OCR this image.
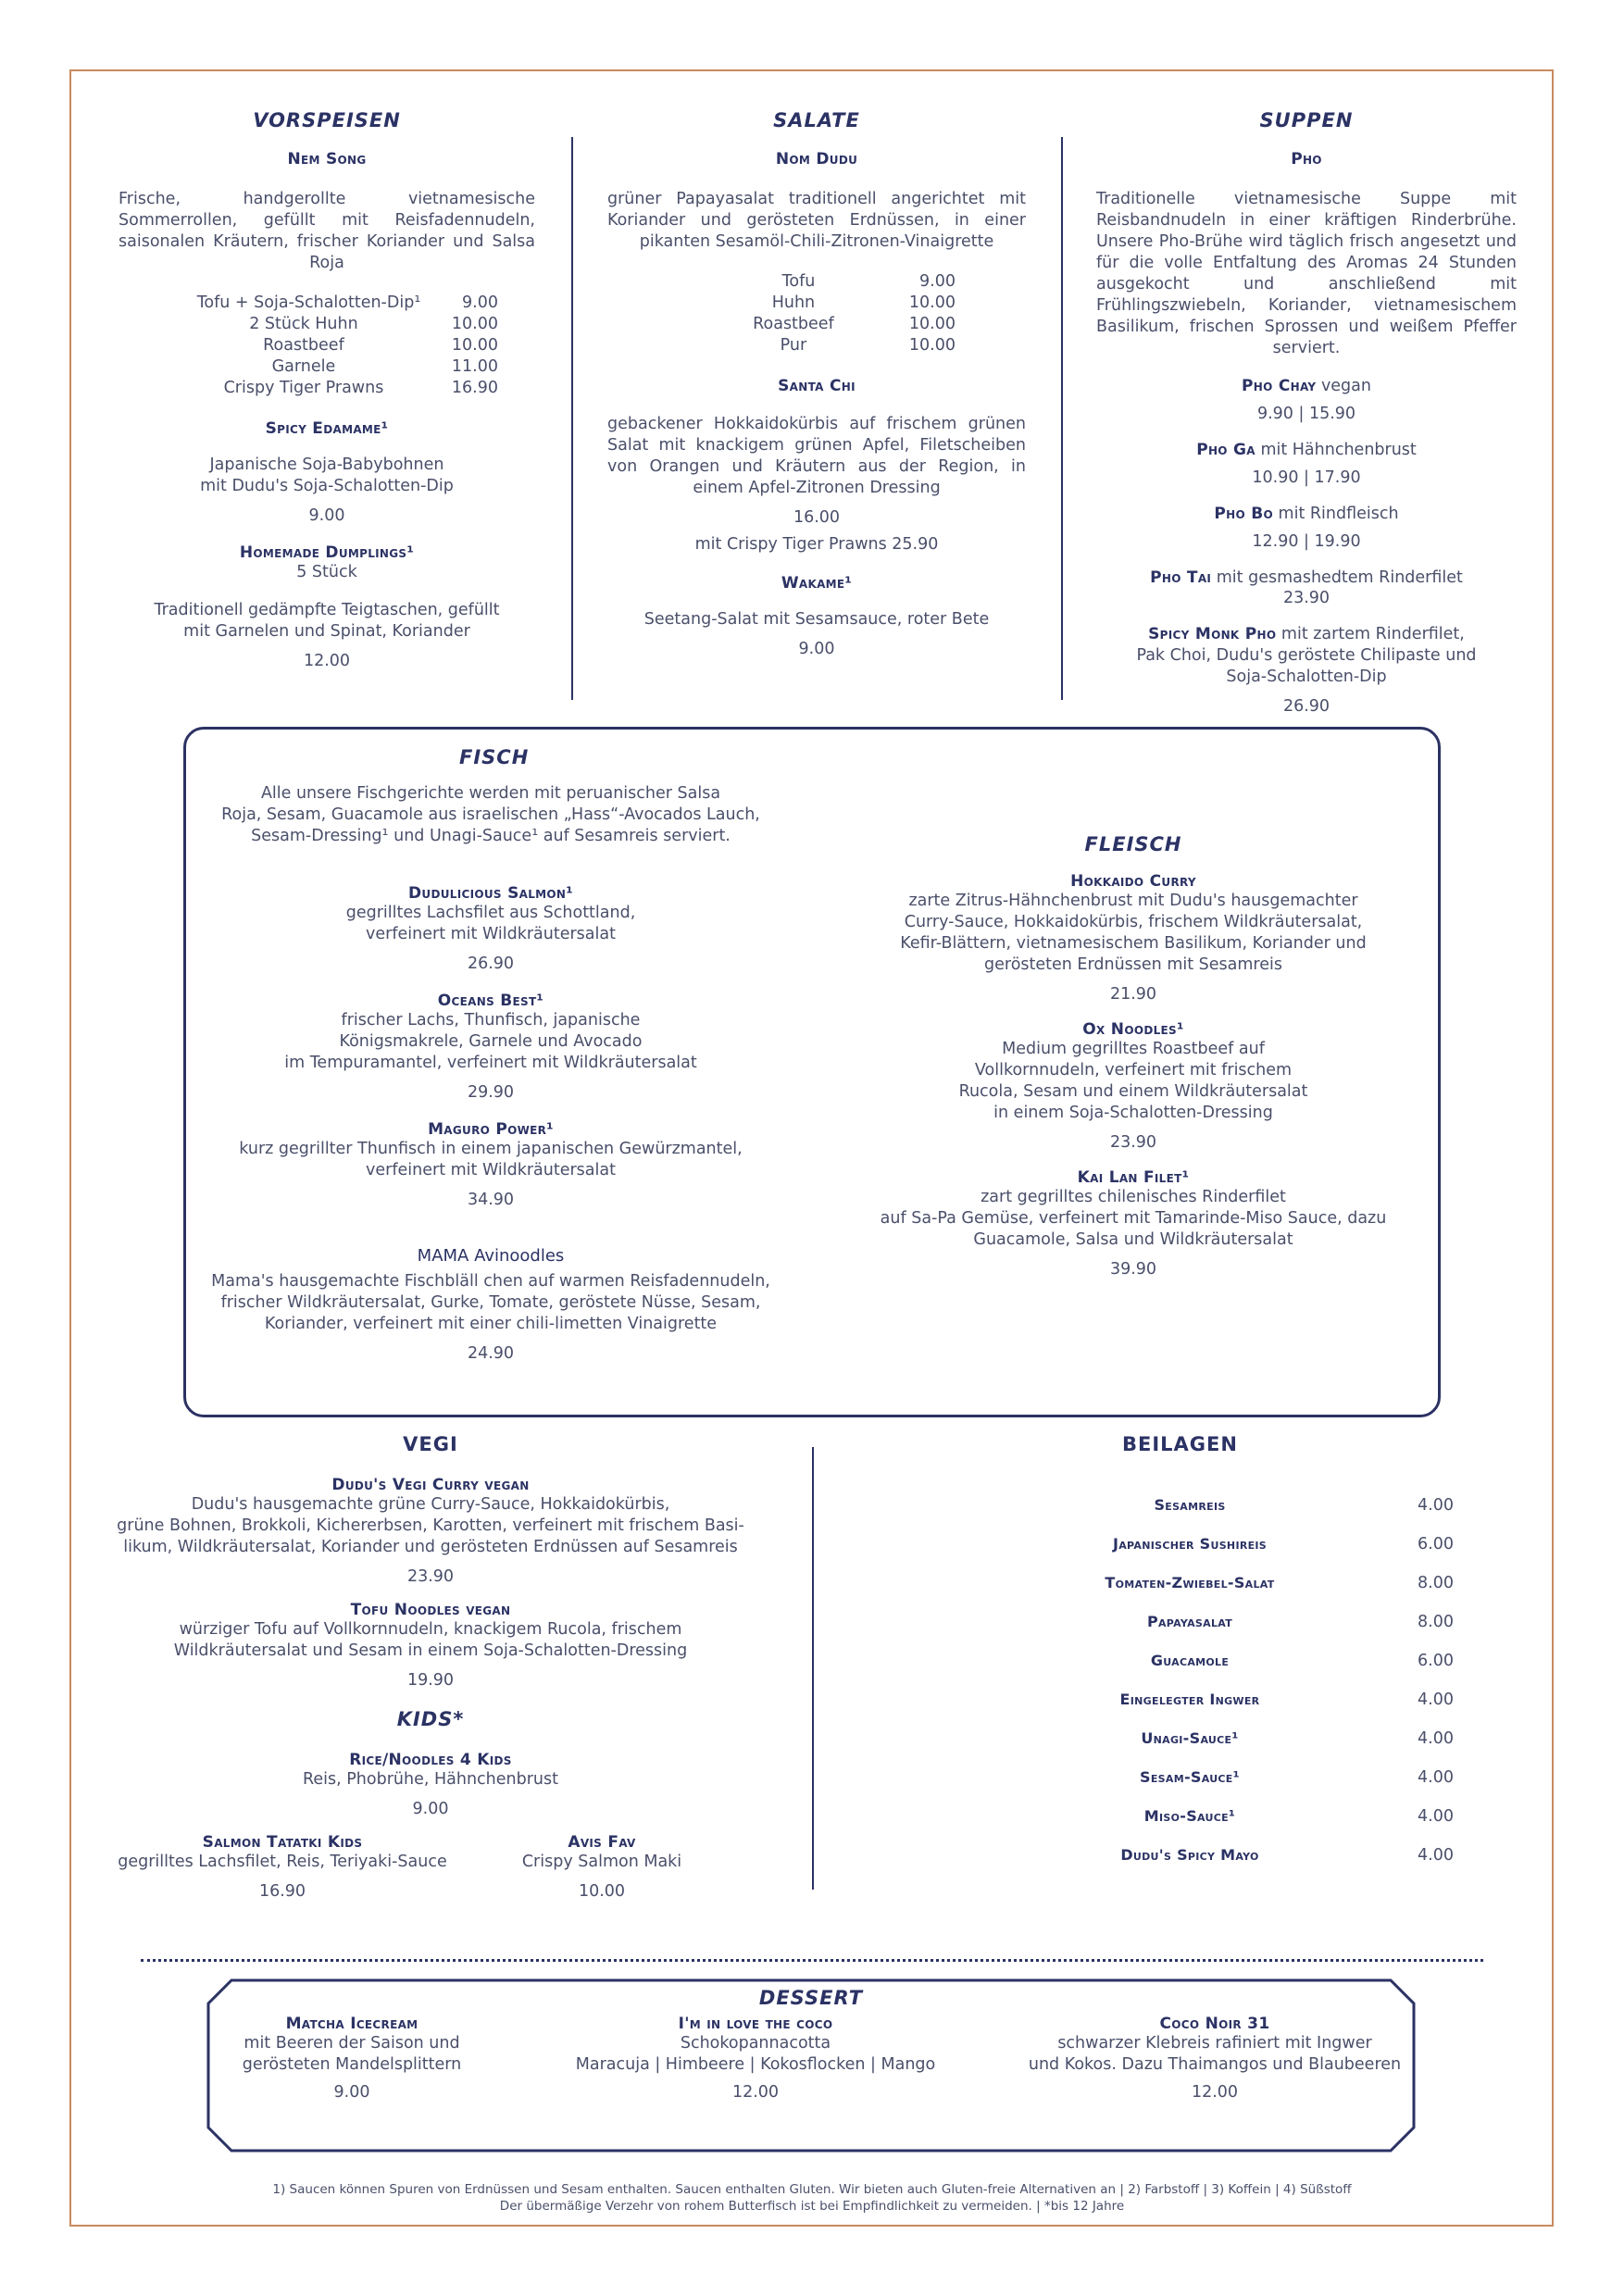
VORSPEISEN
Nem Song
Frische, handgerollte vietnamesische Sommerrollen, gefüllt mit Reisfadennudeln, saisonalen Kräutern, frischer Koriander und Salsa Roja
Tofu + Soja-Schalotten-Dip¹	9.00
2 Stück Huhn	10.00
Roastbeef	10.00
Garnele	11.00
Crispy Tiger Prawns	16.90
Spicy Edamame¹
Japanische Soja-Babybohnen
mit Dudu's Soja-Schalotten-Dip
9.00
Homemade Dumplings¹
5 Stück
Traditionell gedämpfte Teigtaschen, gefüllt
mit Garnelen und Spinat, Koriander
12.00
SALATE
Nom Dudu
grüner Papayasalat traditionell angerichtet mit Koriander und gerösteten Erdnüssen, in einer pikanten Sesamöl-Chili-Zitronen-Vinaigrette
Tofu	9.00
Huhn	10.00
Roastbeef	10.00
Pur	10.00
Santa Chi
gebackener Hokkaidokürbis auf frischem grünen Salat mit knackigem grünen Apfel, Filetscheiben von Orangen und Kräutern aus der Region, in einem Apfel-Zitronen Dressing
16.00
mit Crispy Tiger Prawns 25.90
Wakame¹
Seetang-Salat mit Sesamsauce, roter Bete
9.00
SUPPEN
Pho
Traditionelle vietnamesische Suppe mit Reisbandnudeln in einer kräftigen Rinderbrühe. Unsere Pho-Brühe wird täglich frisch angesetzt und für die volle Entfaltung des Aromas 24 Stunden ausgekocht und anschließend mit Frühlingszwiebeln, Koriander, vietnamesischem Basilikum, frischen Sprossen und weißem Pfeffer serviert.
Pho Chay vegan
9.90 | 15.90
Pho Ga mit Hähnchenbrust
10.90 | 17.90
Pho Bo mit Rindfleisch
12.90 | 19.90
Pho Tai mit gesmashedtem Rinderfilet
23.90
Spicy Monk Pho mit zartem Rinderfilet,
Pak Choi, Dudu's geröstete Chilipaste und
Soja-Schalotten-Dip
26.90
FISCH
Alle unsere Fischgerichte werden mit peruanischer Salsa
Roja, Sesam, Guacamole aus israelischen „Hass“-Avocados Lauch,
Sesam-Dressing¹ und Unagi-Sauce¹ auf Sesamreis serviert.
Dudulicious Salmon¹
gegrilltes Lachsfilet aus Schottland,
verfeinert mit Wildkräutersalat
26.90
Oceans Best¹
frischer Lachs, Thunfisch, japanische
Königsmakrele, Garnele und Avocado
im Tempuramantel, verfeinert mit Wildkräutersalat
29.90
Maguro Power¹
kurz gegrillter Thunfisch in einem japanischen Gewürzmantel,
verfeinert mit Wildkräutersalat
34.90
MAMA Avinoodles
Mama's hausgemachte Fischbläll chen auf warmen Reisfadennudeln,
frischer Wildkräutersalat, Gurke, Tomate, geröstete Nüsse, Sesam,
Koriander, verfeinert mit einer chili-limetten Vinaigrette
24.90
FLEISCH
Hokkaido Curry
zarte Zitrus-Hähnchenbrust mit Dudu's hausgemachter
Curry-Sauce, Hokkaidokürbis, frischem Wildkräutersalat,
Kefir-Blättern, vietnamesischem Basilikum, Koriander und
gerösteten Erdnüssen mit Sesamreis
21.90
Ox Noodles¹
Medium gegrilltes Roastbeef auf
Vollkornnudeln, verfeinert mit frischem
Rucola, Sesam und einem Wildkräutersalat
in einem Soja-Schalotten-Dressing
23.90
Kai Lan Filet¹
zart gegrilltes chilenisches Rinderfilet
auf Sa-Pa Gemüse, verfeinert mit Tamarinde-Miso Sauce, dazu
Guacamole, Salsa und Wildkräutersalat
39.90
VEGI
Dudu's Vegi Curry vegan
Dudu's hausgemachte grüne Curry-Sauce, Hokkaidokürbis,
grüne Bohnen, Brokkoli, Kichererbsen, Karotten, verfeinert mit frischem Basi-
likum, Wildkräutersalat, Koriander und gerösteten Erdnüssen auf Sesamreis
23.90
Tofu Noodles vegan
würziger Tofu auf Vollkornnudeln, knackigem Rucola, frischem
Wildkräutersalat und Sesam in einem Soja-Schalotten-Dressing
19.90
KIDS*
Rice/Noodles 4 Kids
Reis, Phobrühe, Hähnchenbrust
9.00
Salmon Tatatki Kids
gegrilltes Lachsfilet, Reis, Teriyaki-Sauce
16.90
Avis Fav
Crispy Salmon Maki
10.00
BEILAGEN
Sesamreis	4.00
Japanischer Sushireis	6.00
Tomaten-Zwiebel-Salat	8.00
Papayasalat	8.00
Guacamole	6.00
Eingelegter Ingwer	4.00
Unagi-Sauce¹	4.00
Sesam-Sauce¹	4.00
Miso-Sauce¹	4.00
Dudu's Spicy Mayo	4.00
DESSERT
Matcha Icecream
mit Beeren der Saison und
gerösteten Mandelsplittern
9.00
I'm in love the coco
Schokopannacotta
Maracuja | Himbeere | Kokosflocken | Mango
12.00
Coco Noir 31
schwarzer Klebreis rafiniert mit Ingwer
und Kokos. Dazu Thaimangos und Blaubeeren
12.00
1) Saucen können Spuren von Erdnüssen und Sesam enthalten. Saucen enthalten Gluten. Wir bieten auch Gluten-freie Alternativen an | 2) Farbstoff | 3) Koffein | 4) Süßstoff
Der übermäßige Verzehr von rohem Butterfisch ist bei Empfindlichkeit zu vermeiden. | *bis 12 Jahre
